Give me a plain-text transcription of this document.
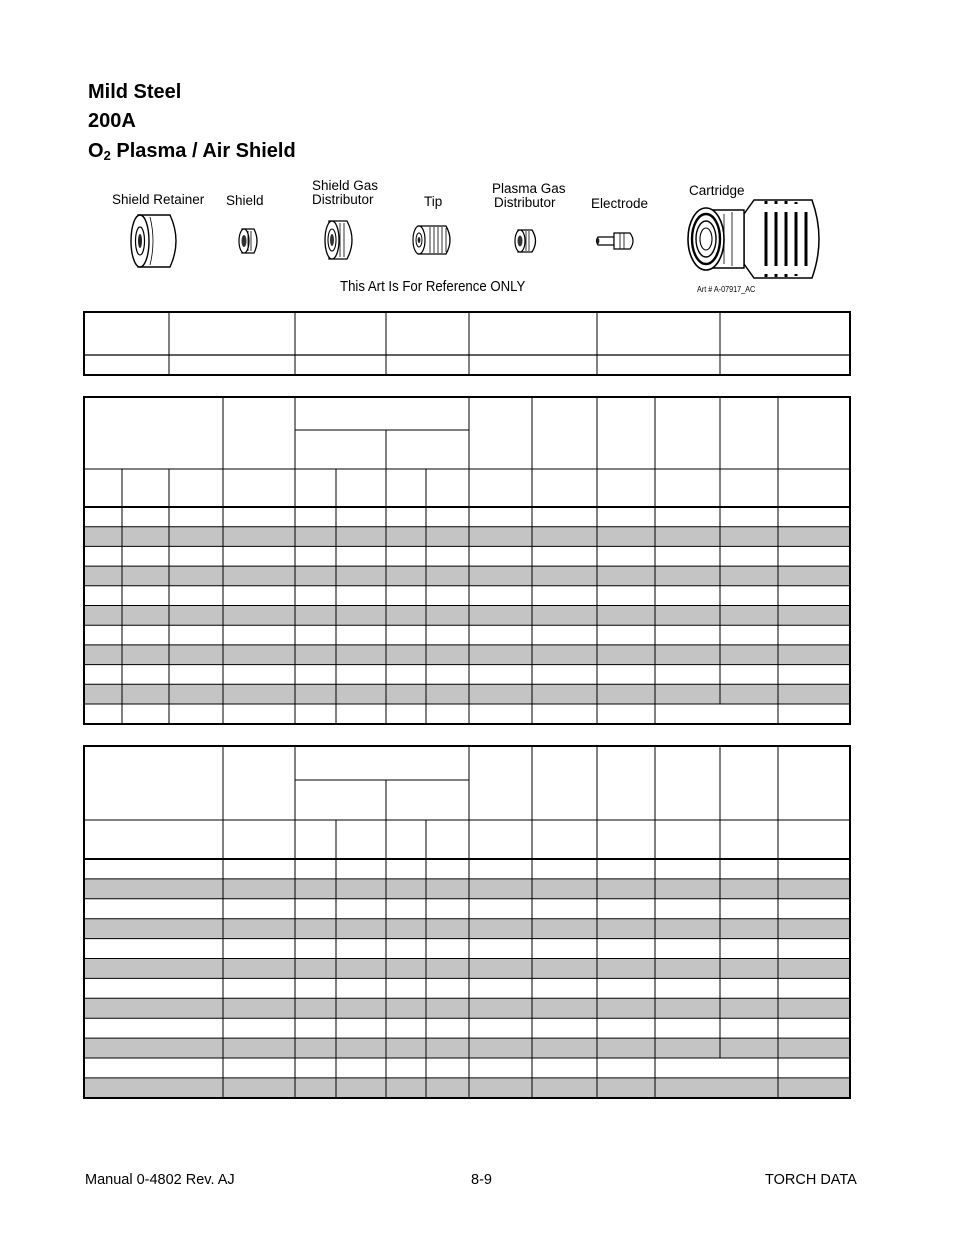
Mild Steel
200A
$O_2$ Plasma / Air Shield
Shield Retainer Shield
Shield Gas
Distributor	Tip
Plasma Gas
Distributor	Electrode
Cartridge
This Art Is For Reference ONLY	Art # A-07917_AC
Manual 0-4802 Rev. AJ	8-9	TORCH DATA
